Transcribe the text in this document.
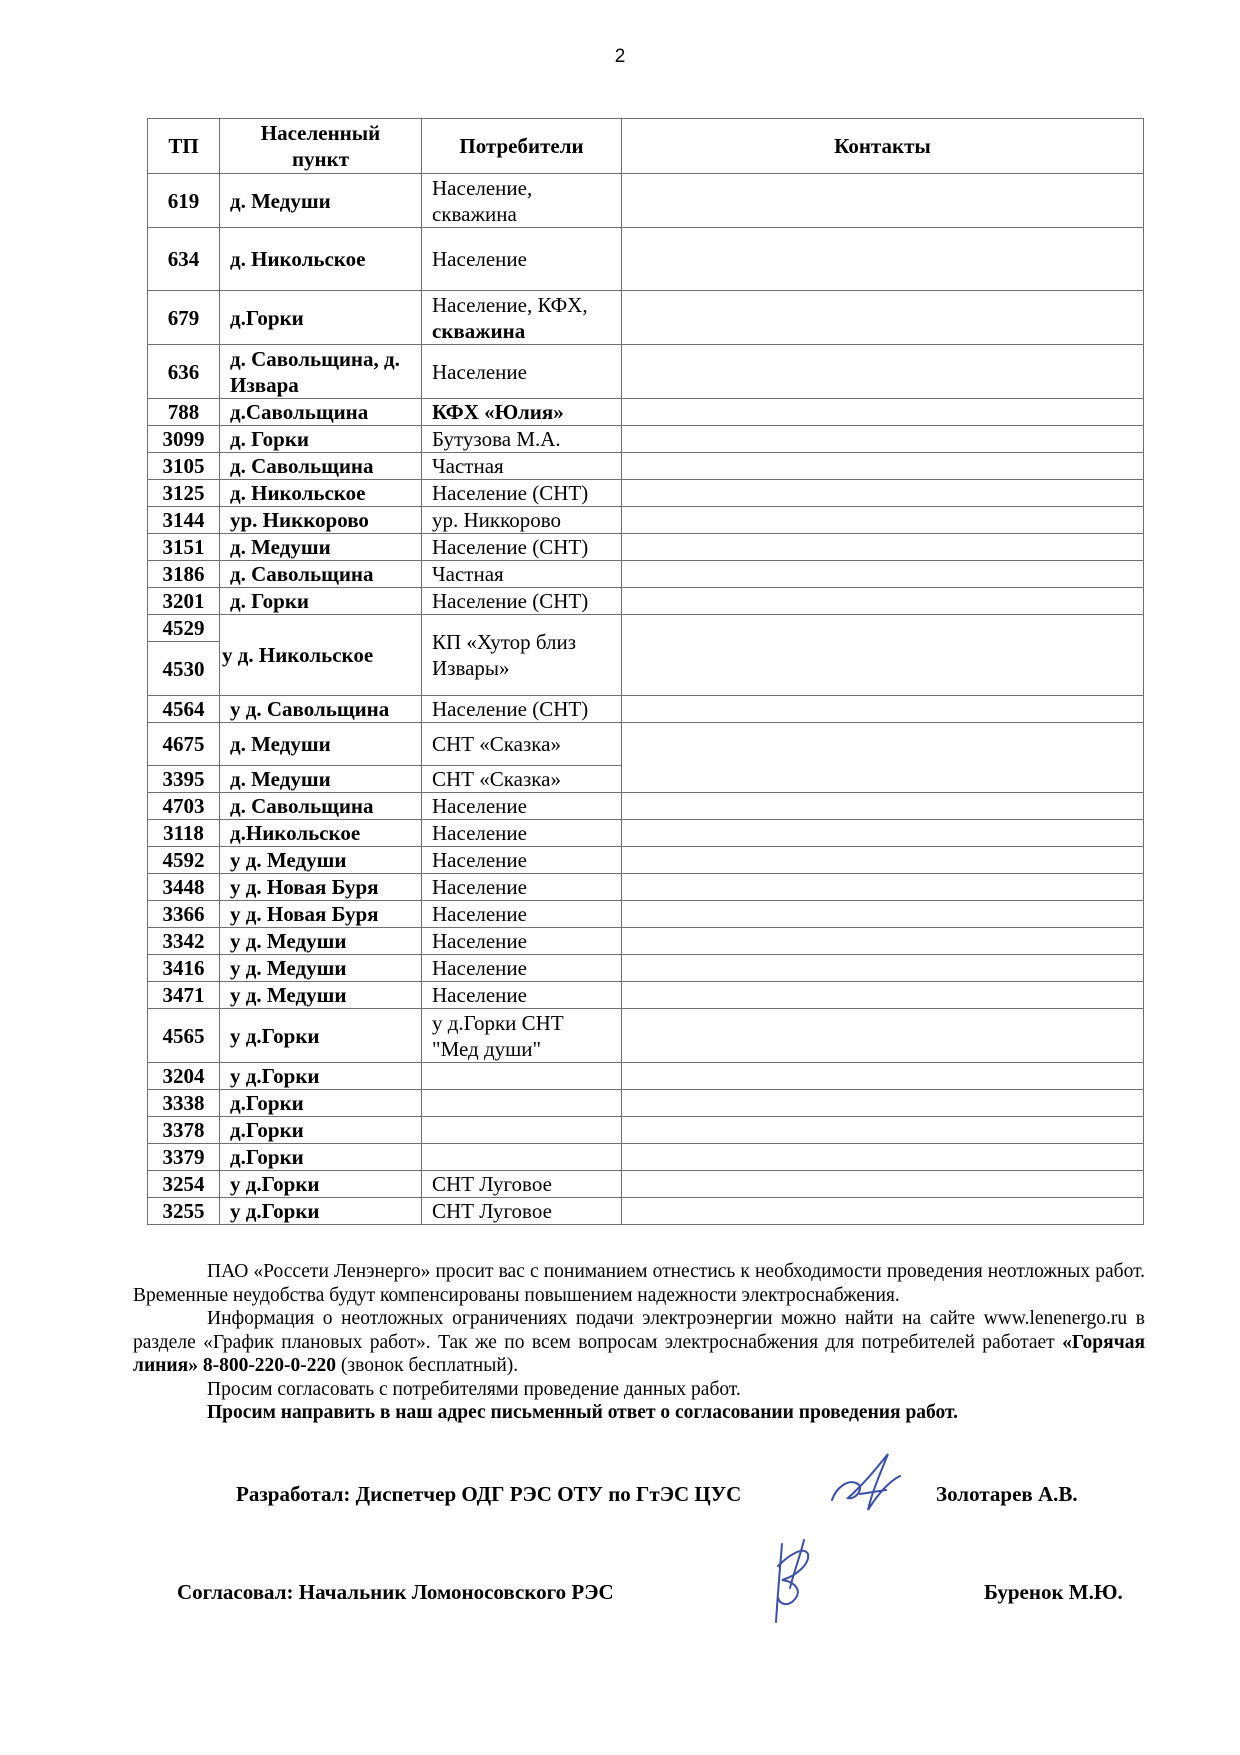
2
ТП	Населенный пункт	Потребители	Контакты
619	д. Медуши	Население, скважина	
634	д. Никольское	Население	
679	д.Горки	Население, КФХ, скважина	
636	д. Савольщина, д. Извара	Население	
788	д.Савольщина	КФХ «Юлия»	
3099	д. Горки	Бутузова М.А.	
3105	д. Савольщина	Частная	
3125	д. Никольское	Население (СНТ)	
3144	ур. Никкорово	ур. Никкорово	
3151	д. Медуши	Население (СНТ)	
3186	д. Савольщина	Частная	
3201	д. Горки	Население (СНТ)	
4529	у д. Никольское	КП «Хутор близ Извары»	
4530			
4564	у д. Савольщина	Население (СНТ)	
4675	д. Медуши	СНТ «Сказка»	
3395	д. Медуши	СНТ «Сказка»	
4703	д. Савольщина	Население	
3118	д.Никольское	Население	
4592	у д. Медуши	Население	
3448	у д. Новая Буря	Население	
3366	у д. Новая Буря	Население	
3342	у д. Медуши	Население	
3416	у д. Медуши	Население	
3471	у д. Медуши	Население	
4565	у д.Горки	у д.Горки СНТ "Мед души"	
3204	у д.Горки		
3338	д.Горки		
3378	д.Горки		
3379	д.Горки		
3254	у д.Горки	СНТ Луговое	
3255	у д.Горки	СНТ Луговое	

ПАО «Россети Ленэнерго» просит вас с пониманием отнестись к необходимости проведения неотложных работ. Временные неудобства будут компенсированы повышением надежности электроснабжения.

Информация о неотложных ограничениях подачи электроэнергии можно найти на сайте www.lenenergo.ru в разделе «График плановых работ». Так же по всем вопросам электроснабжения для потребителей работает «Горячая линия» 8-800-220-0-220 (звонок бесплатный).

Просим согласовать с потребителями проведение данных работ.

Просим направить в наш адрес письменный ответ о согласовании проведения работ.

Разработал: Диспетчер ОДГ РЭС ОТУ по ГтЭС ЦУС	Золотарев А.В.
Согласовал: Начальник Ломоносовского РЭС	Буренок М.Ю.
